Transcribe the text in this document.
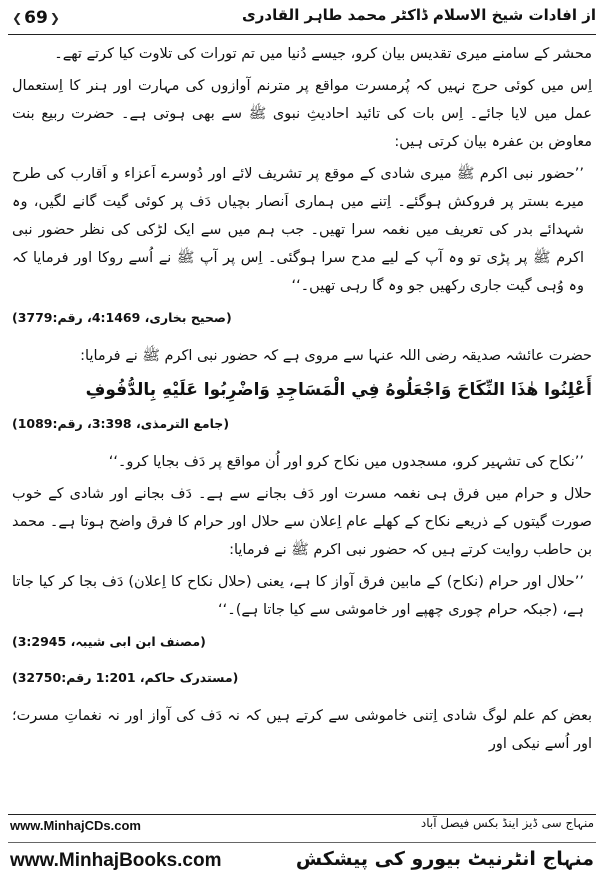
❮ 69 ❯	از افادات شیخ الاسلام ڈاکٹر محمد طاہر القادری
محشر کے سامنے میری تقدیس بیان کرو، جیسے دُنیا میں تم تورات کی تلاوت کیا کرتے تھے۔
اِس میں کوئی حرج نہیں کہ پُرمسرت مواقع پر مترنم آوازوں کی مہارت اور ہنر کا اِستعمال عمل میں لایا جائے۔ اِس بات کی تائید احادیثِ نبوی ﷺ سے بھی ہوتی ہے۔ حضرت ربیع بنت معاوض بن عفرہ بیان کرتی ہیں:
’’حضور نبی اکرم ﷺ میری شادی کے موقع پر تشریف لائے اور دُوسرے اَعزاء و اَقارب کی طرح میرے بستر پر فروکش ہوگئے۔ اِتنے میں ہماری اَنصار بچیاں دَف پر کوئی گیت گانے لگیں، وہ شہدائے بدر کی تعریف میں نغمہ سرا تھیں۔ جب ہم میں سے ایک لڑکی کی نظر حضور نبی اکرم ﷺ پر پڑی تو وہ آپ کے لیے مدح سرا ہوگئی۔ اِس پر آپ ﷺ نے اُسے روکا اور فرمایا کہ وہ وُہی گیت جاری رکھیں جو وہ گا رہی تھیں۔‘‘
(صحيح بخاری، 4:1469، رقم:3779)
حضرت عائشہ صدیقہ رضی اللہ عنہا سے مروی ہے کہ حضور نبی اکرم ﷺ نے فرمایا:
أَعْلِنُوا هٰذَا النِّكَاحَ وَاجْعَلُوهُ فِي الْمَسَاجِدِ وَاضْرِبُوا عَلَيْهِ بِالدُّفُوفِ
(جامع الترمذی، 3:398، رقم:1089)
’’نکاح کی تشہیر کرو، مسجدوں میں نکاح کرو اور اُن مواقع پر دَف بجایا کرو۔‘‘
حلال و حرام میں فرق ہی نغمہ مسرت اور دَف بجانے سے ہے۔ دَف بجانے اور شادی کے خوب صورت گیتوں کے ذریعے نکاح کے کھلے عام اِعلان سے حلال اور حرام کا فرق واضح ہوتا ہے۔ محمد بن حاطب روایت کرتے ہیں کہ حضور نبی اکرم ﷺ نے فرمایا:
’’حلال اور حرام (نکاح) کے مابین فرق آواز کا ہے، یعنی (حلال نکاح کا اِعلان) دَف بجا کر کیا جاتا ہے، (جبکہ حرام چوری چھپے اور خاموشی سے کیا جاتا ہے)۔‘‘
(مصنف ابن ابی شیبہ، 3:2945)
(مستدرک حاکم، 1:201 رقم:32750)
بعض کم علم لوگ شادی اِتنی خاموشی سے کرتے ہیں کہ نہ دَف کی آواز اور نہ نغماتِ مسرت؛ اور اُسے نیکی اور
www.MinhajCDs.com	منہاج سی ڈیز اینڈ بکس فیصل آباد
www.MinhajBooks.com	منہاج انٹرنیٹ بیورو کی پیشکش
